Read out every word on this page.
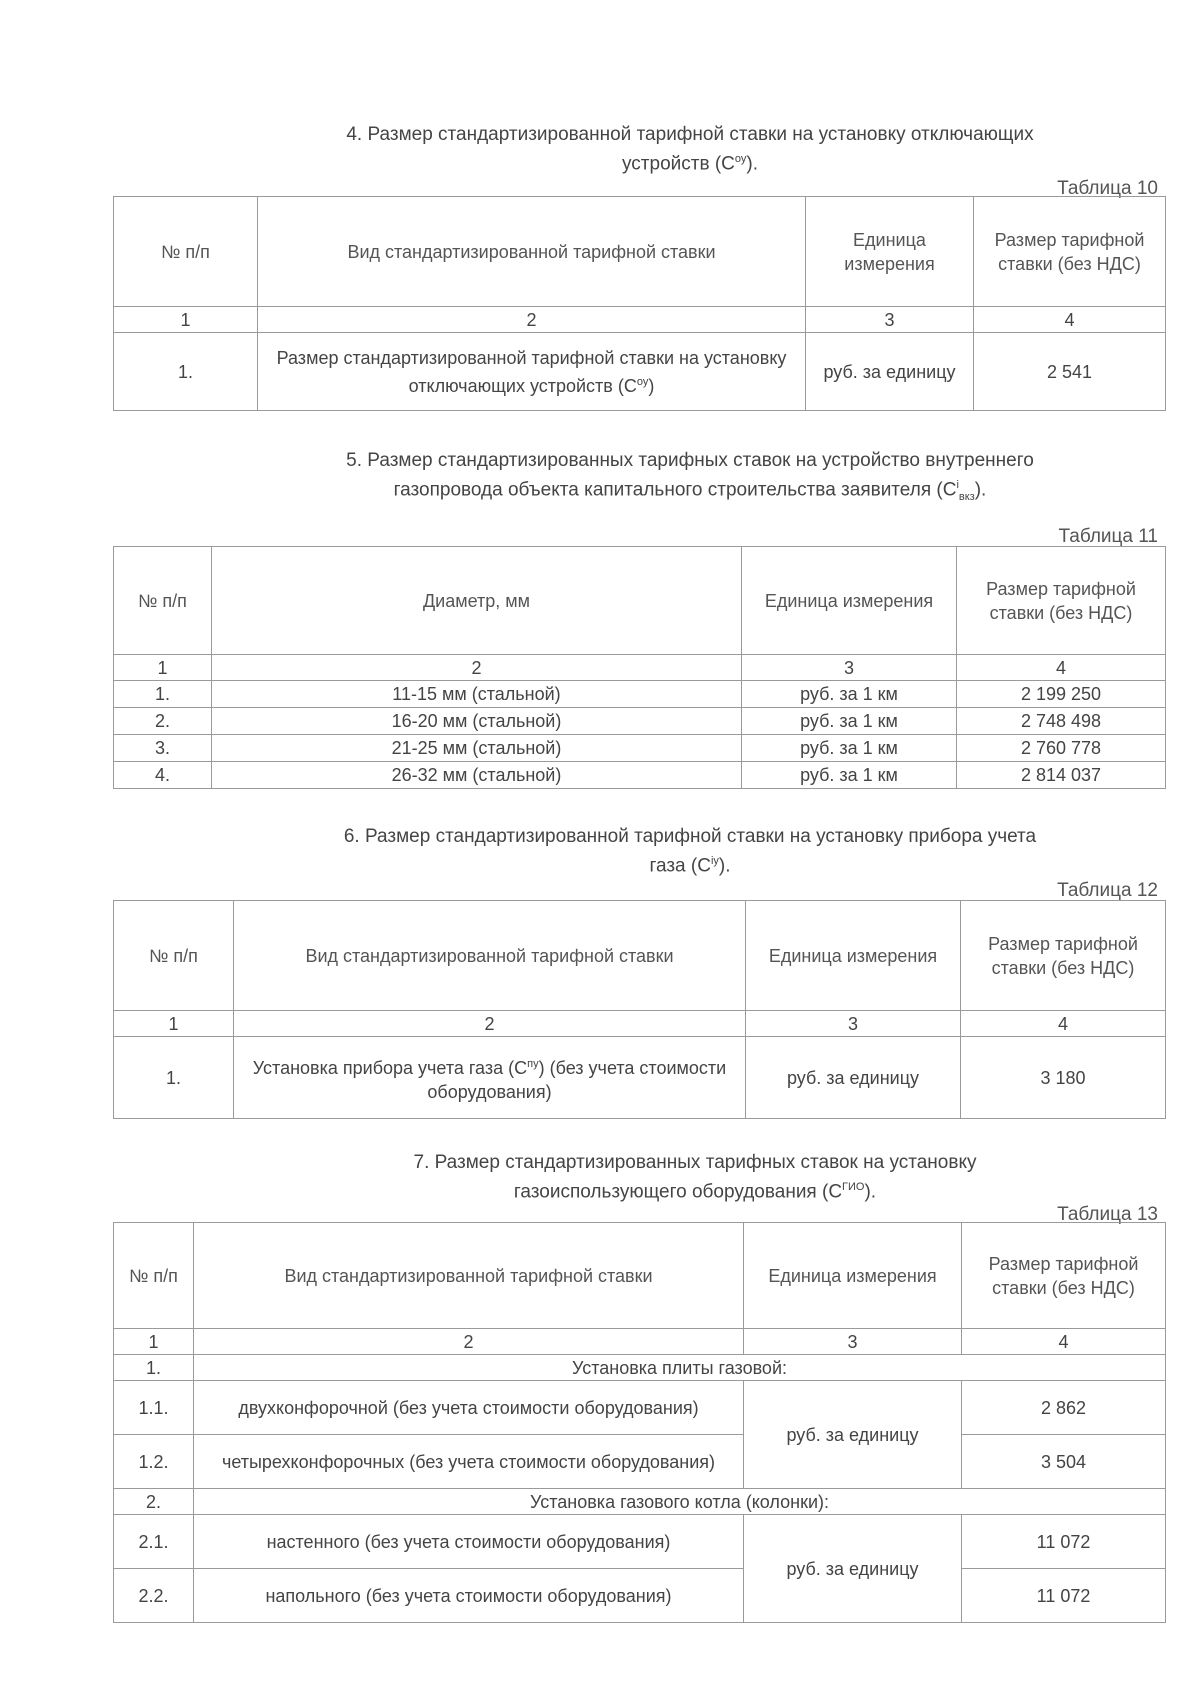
4. Размер стандартизированной тарифной ставки на установку отключающих
устройств $(С^{оу})$.
Таблица 10
№ п/п	Вид стандартизированной тарифной ставки	Единица измерения	Размер тарифной ставки (без НДС)
1	2	3	4
1.	Размер стандартизированной тарифной ставки на установку отключающих устройств $(С^{оу})$	руб. за единицу	2 541
5. Размер стандартизированных тарифных ставок на устройство внутреннего
газопровода объекта капитального строительства заявителя $(С^i_{вкз})$.
Таблица 11
№ п/п	Диаметр, мм	Единица измерения	Размер тарифной ставки (без НДС)
1	2	3	4
1.	11-15 мм (стальной)	руб. за 1 км	2 199 250
2.	16-20 мм (стальной)	руб. за 1 км	2 748 498
3.	21-25 мм (стальной)	руб. за 1 км	2 760 778
4.	26-32 мм (стальной)	руб. за 1 км	2 814 037
6. Размер стандартизированной тарифной ставки на установку прибора учета
газа $(С^{iу})$.
Таблица 12
№ п/п	Вид стандартизированной тарифной ставки	Единица измерения	Размер тарифной ставки (без НДС)
1	2	3	4
1.	Установка прибора учета газа $(С^{пу})$ (без учета стоимости оборудования)	руб. за единицу	3 180
7. Размер стандартизированных тарифных ставок на установку
газоиспользующего оборудования $(С^{ГИО})$.
Таблица 13
№ п/п	Вид стандартизированной тарифной ставки	Единица измерения	Размер тарифной ставки (без НДС)
1	2	3	4
1.	Установка плиты газовой:		
1.1.	двухконфорочной (без учета стоимости оборудования)	руб. за единицу	2 862
1.2.	четырехконфорочных (без учета стоимости оборудования)		3 504
2.	Установка газового котла (колонки):		
2.1.	настенного (без учета стоимости оборудования)	руб. за единицу	11 072
2.2.	напольного (без учета стоимости оборудования)		11 072
